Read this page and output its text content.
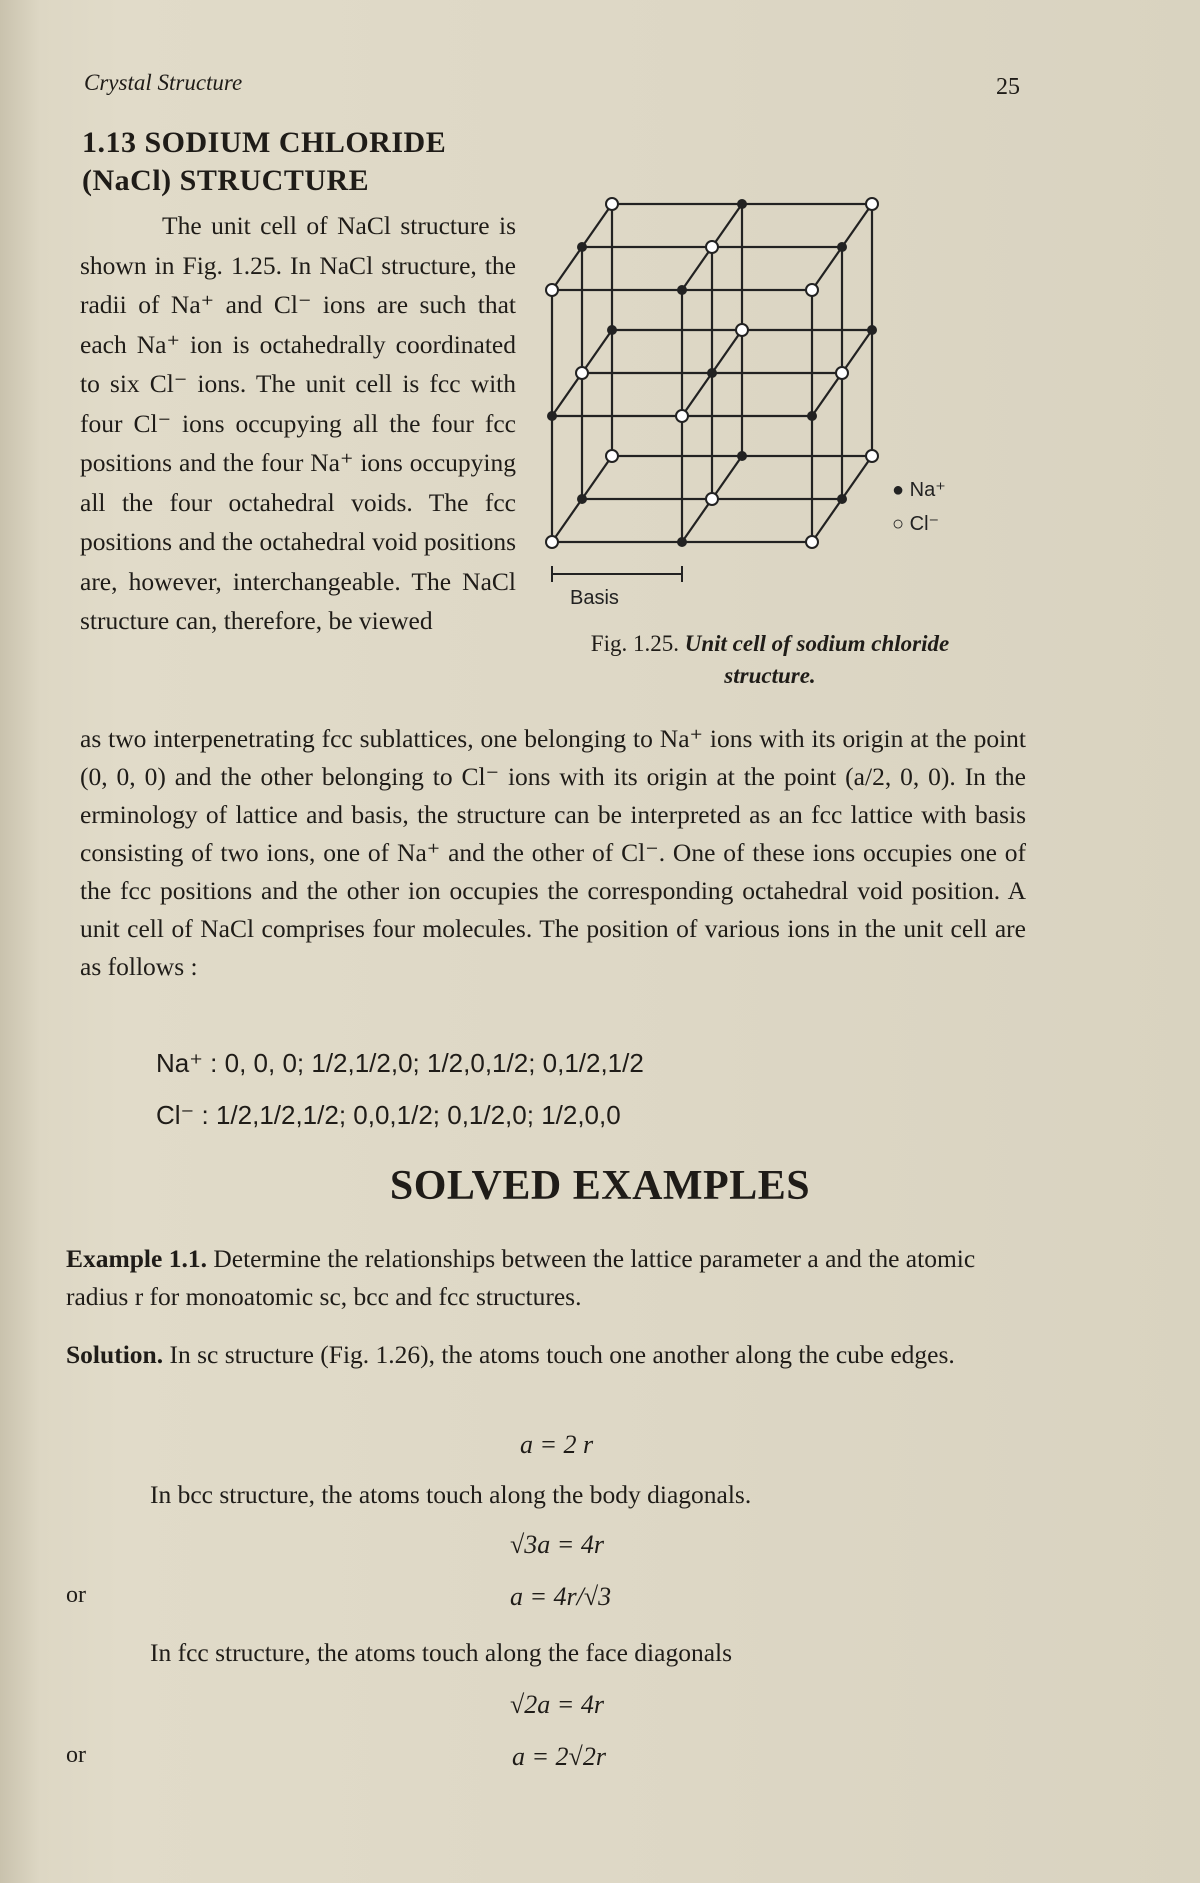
Crystal Structure	25
1.13 SODIUM CHLORIDE (NaCl) STRUCTURE

The unit cell of NaCl structure is shown in Fig. 1.25. In NaCl structure, the radii of Na⁺ and Cl⁻ ions are such that each Na⁺ ion is octahedrally coordinated to six Cl⁻ ions. The unit cell is fcc with four Cl⁻ ions occupying all the four fcc positions and the four Na⁺ ions occupying all the four octahedral voids. The fcc positions and the octahedral void positions are, however, interchangeable. The NaCl structure can, therefore, be viewed

Basis
● Na⁺
○ Cl⁻
Fig. 1.25. Unit cell of sodium chloride structure.
as two interpenetrating fcc sublattices, one belonging to Na⁺ ions with its origin at the point (0, 0, 0) and the other belonging to Cl⁻ ions with its origin at the point (a/2, 0, 0). In the erminology of lattice and basis, the structure can be interpreted as an fcc lattice with basis consisting of two ions, one of Na⁺ and the other of Cl⁻. One of these ions occupies one of the fcc positions and the other ion occupies the corresponding octahedral void position. A unit cell of NaCl comprises four molecules. The position of various ions in the unit cell are as follows :
Na⁺ : 0, 0, 0; 1/2,1/2,0; 1/2,0,1/2; 0,1/2,1/2
Cl⁻ : 1/2,1/2,1/2; 0,0,1/2; 0,1/2,0; 1/2,0,0
SOLVED EXAMPLES
Example 1.1. Determine the relationships between the lattice parameter a and the atomic radius r for monoatomic sc, bcc and fcc structures.
Solution. In sc structure (Fig. 1.26), the atoms touch one another along the cube edges.
a = 2 r
In bcc structure, the atoms touch along the body diagonals.
√3a = 4r
or	a = 4r/√3
In fcc structure, the atoms touch along the face diagonals
√2a = 4r
or	a = 2√2r
